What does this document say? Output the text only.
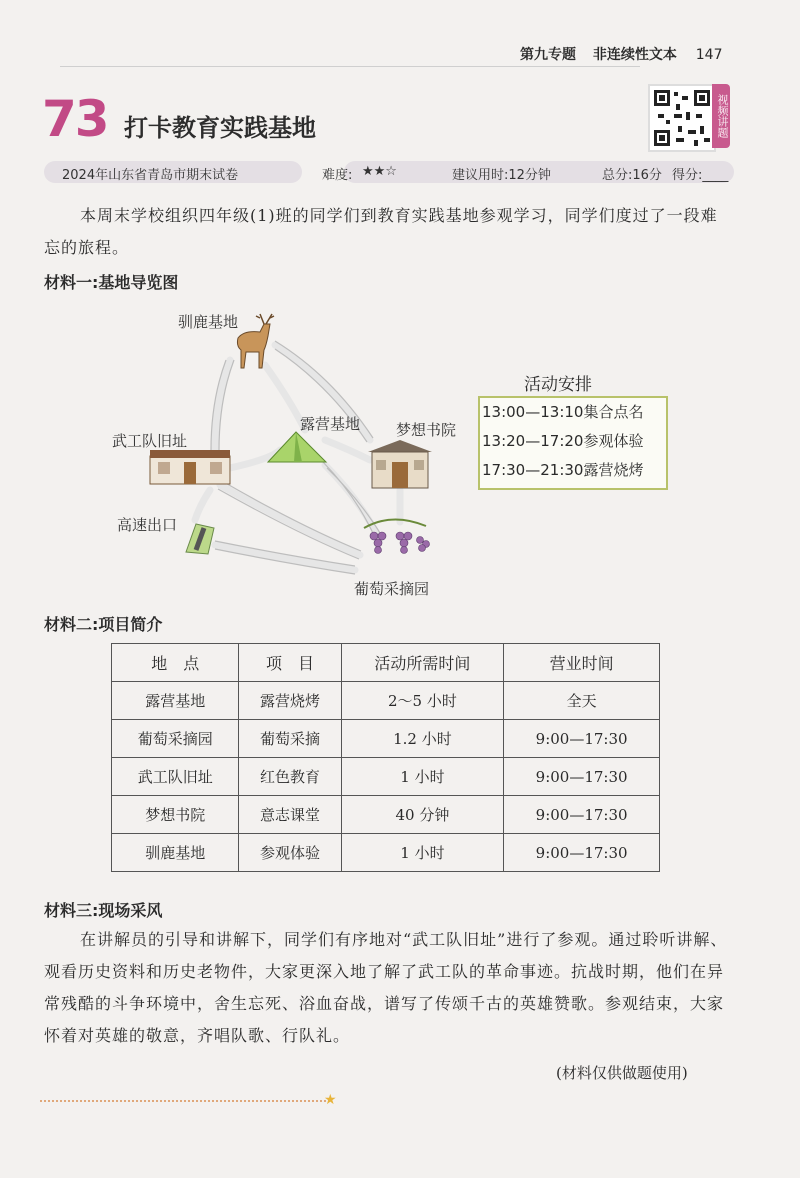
第九专题 非连续性文本 147
视频讲题
73 打卡教育实践基地
2024年山东省青岛市期末试卷	难度: ★★☆	建议用时:12分钟	总分:16分 得分:____
本周末学校组织四年级(1)班的同学们到教育实践基地参观学习，同学们度过了一段难忘的旅程。
材料一:基地导览图
驯鹿基地
露营基地 梦想书院
武工队旧址
高速出口
葡萄采摘园
活动安排
13:00—13:10集合点名
13:20—17:20参观体验
17:30—21:30露营烧烤
材料二:项目简介
地　点	项　目	活动所需时间	营业时间
露营基地	露营烧烤	2～5 小时	全天
葡萄采摘园	葡萄采摘	1.2 小时	9:00—17:30
武工队旧址	红色教育	1 小时	9:00—17:30
梦想书院	意志课堂	40 分钟	9:00—17:30
驯鹿基地	参观体验	1 小时	9:00—17:30
材料三:现场采风
在讲解员的引导和讲解下，同学们有序地对“武工队旧址”进行了参观。通过聆听讲解、观看历史资料和历史老物件，大家更深入地了解了武工队的革命事迹。抗战时期，他们在异常残酷的斗争环境中，舍生忘死、浴血奋战，谱写了传颂千古的英雄赞歌。参观结束，大家怀着对英雄的敬意，齐唱队歌、行队礼。
(材料仅供做题使用)
★
